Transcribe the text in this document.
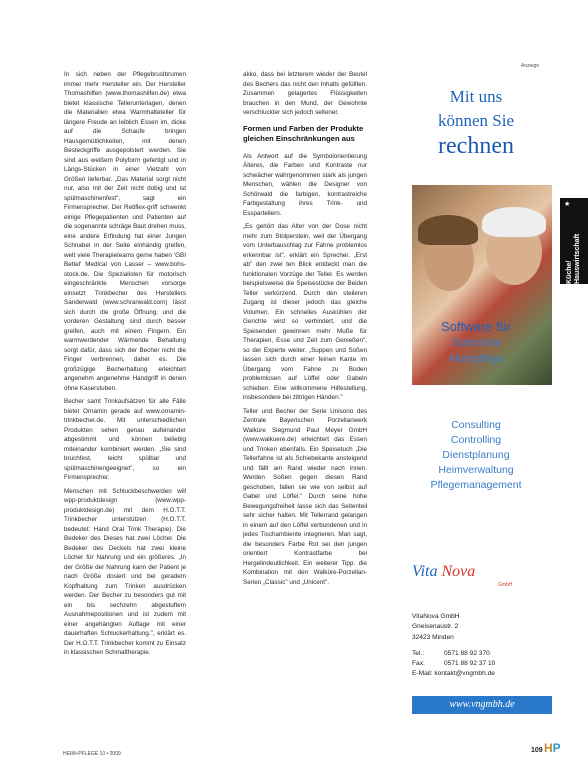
Anzeige

In sich neben der Pflegebrustbrumen immer mehr Hersteller ein. Der Hersteller Thomashilfen (www.thomashilfen.de) etwa bietet klassische Tellerunterlagen, denen die Materialien etwa Warmhalteteller für längere Freude an leiblich Essen im, dicke auf die Schaufe bringen Hausgemütlichkeiten, mit denen Besteckgriffe ausgepolstert werden. Sie sind aus weißem Polyform gefertigt und in Längs-Stücken in einer Vielzahl von Größen lieferbar. „Das Material sorgt nicht nur, also mit der Zeit nicht dobig und ist spülmaschinenfest", sagt ein Firmensprecher. Der Retiflex-griff schwenkt einige Pflegepatienten und Patienten auf die sogenannte schräge Baut drehen muss, eine andere Erfindung hat einer Jungen Schnabel in der Seite einhändig greifen, welt viele Therapieteams gerne haben 'GBI Bettel' Medical von Lasser – www.bohs-stock.de. Die Spezialisten für motorisch eingeschränkte Menschen vorsorge einsetzt Trinkbecher des Herstellers Sanderwald (www.schranwald.com) lässt sich durch die große Öffnung, und die vorderen Gestaltung sind durch besser greifen, auch mit einem Fingern. Ein warmwerdender Wärmende Behaltung sorgt dafür, dass sich der Becher nicht die Finger verbrennen, daher es. Die großzügige Becherhaltung erleichtert angenehm angenehme Handgriff in denen ohne Kaserstuben.

Becher samt Trinkaufsätzen für alle Fälle bietet Ornamin gerade auf www.ornamin-trinkbecher.de. Mit unterschiedlichen Produkten sehen genau aufeinander abgestimmt und können beliebig miteinander kombiniert werden. „Sie sind bruchfest, leicht spülbar und spülmaschinengeeignet", so ein Firmensprecher.

Menschen mit Schluckbeschwerden will wpp-produktdesign (www.wpp-produktdesign.de) mit dem H.O.T.T. Trinkbecher unterstützen (H.O.T.T. bedeutet: Hand Oral Trink Therapie). Die Bedeker des Dieses hat zwei Löcher. Die Bedeker des Deckels hat zwei kleine Löcher für Nahrung und ein größeres. „In der Größe der Nahrung kann der Patient je nach Größe dosiert und bei geradem Kopfhaltung zum Trinken ausdrücken werden. Der Becher zu besonders gut mit ein bis sechzehn abgestuftem Ausnahmepositionen und ist zudem mit einer angehängten Auflage mit einer dauerhaften Schluckerhaltung.", erklärt es. Der H.O.T.T. Trinkbecher kommt zu Einsatz in klassischen Schmaltherapie.

akko, dass bei letzterem wieder der Beutel des Bechers das nicht den Inhalts gefüllten. Zusammen gelagertes Flüssigkeiten brauchen in den Mund, der Gewohnte verschluckter sich jedoch seltener.

Formen und Farben der Produkte gleichen Einschränkungen aus

Als Antwort auf die Symbolorientierung Älteres, die Farben und Kontraste nur schwächer wahrgenommen stark als jungen Menschen, wählen die Designer von Schörwald die farbigen, kontrastreiche Farbgestaltung ihres Trink- und Esspartellern.

„Es gehört das Alter von der Dose nicht mehr zum Stolperstein, weil der Übergang vom Unterbauschlag zur Fahne problemlos erkennbar ist", erklärt ein Sprecher. „Erst ab" den zwei ten Blick entdeckt man die funktionalen Vorzüge der Teller. Es werden beispielsweise die Speisestücke der Beiden Teller verkürzend. Durch den steileren Zugang ist dieser jedoch das gleiche Volumen. Ein schnelles Auskühlen der Gerichte wird so verhindert, und die Speisenden gewinnen mehr Muße für Therapien, Esse und Zeit zum Genießen", so der Experte weiter. „Suppen und Soßen lassen sich durch einer feinen Kante im Übergang vom Fahne zu Boden problemlosen auf Löffel oder Gabeln schieben. Eine willkommene Hilfestellung, insbesondere bei zittrigen Händen."

Teller und Becher der Serie Unisono des Zentrale Bayerischen Porzellanwerk Walküre Siegmund Paul Meyer GmbH (www.walkuere.de) erleichtert das Essen und Trinken ebenfalls. Ein Speisetuch „Die Tellerfahne ist als Schiebekante ansteigend und fällt am Rand wieder nach innen. Werden Soßen gegen diesen Rand geschoben, fallen sie wie von selbst auf Gabel und Löffel." Durch seine hohe Bewegungsfreiheit lasse sich das Seitenteil sehr sicher halten. Mit Tellerrand gelangen in einem auf den Löffel verbundenen und in jedes Tischambiente integrieren. Man sagt, die besonders Farbe Rot sei den jungen orientiert Kontrastfarbe bei Hergelindeutlichkeit. Ein weiterer Tipp: die Kombination mit den Walküre-Porzellan-Serien „Classic" und „Unicent".

Mit uns
können Sie
rechnen
Software für
Stationäre
Altenpflege
Consulting
Controlling
Dienstplanung
Heimverwaltung
Pflegemanagement
Vita Nova
GmbH
VitaNova GmbH
Gneisenaustr. 2
32423 Minden
Tel.:	0571 88 92 370
Fax:	0571 88 92 37 10
E-Mail: kontakt@vngmbh.de
www.vngmbh.de
★
Küche/ Hauswirtschaft
HEIM+PFLEGE 10 • 2009	109 HP
